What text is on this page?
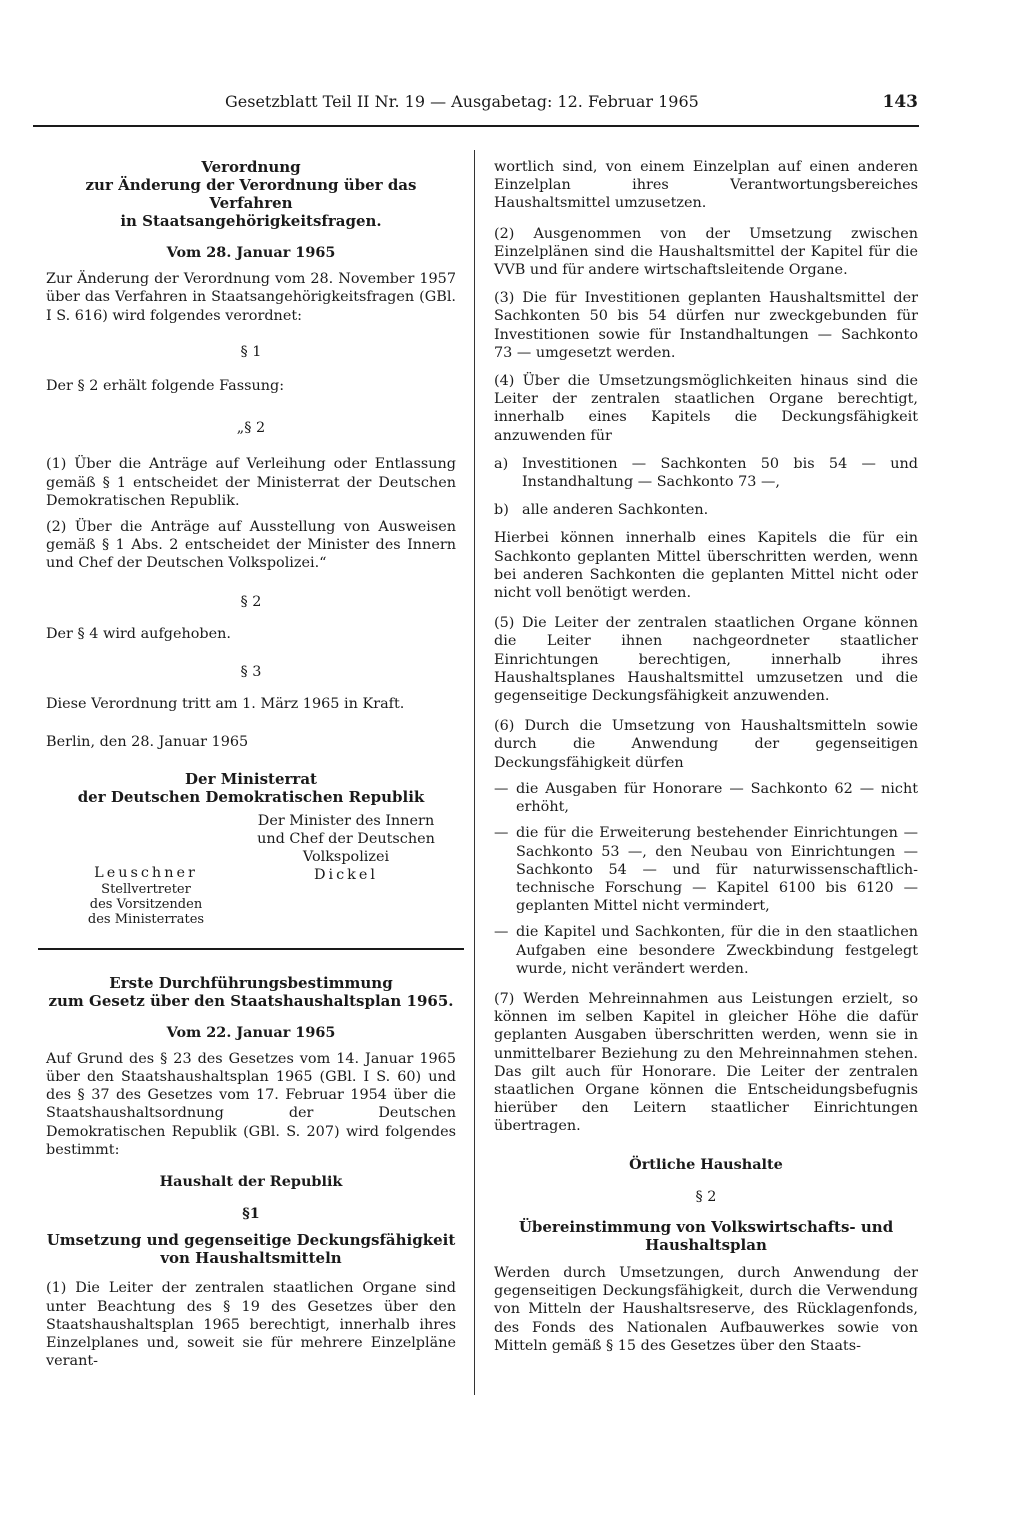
Gesetzblatt Teil II Nr. 19 — Ausgabetag: 12. Februar 1965	143
Verordnung
zur Änderung der Verordnung über das Verfahren
in Staatsangehörigkeitsfragen.

Vom 28. Januar 1965

Zur Änderung der Verordnung vom 28. November 1957 über das Verfahren in Staatsangehörigkeitsfragen (GBl. I S. 616) wird folgendes verordnet:

§ 1

Der § 2 erhält folgende Fassung:

„§ 2

(1) Über die Anträge auf Verleihung oder Entlassung gemäß § 1 entscheidet der Ministerrat der Deutschen Demokratischen Republik.

(2) Über die Anträge auf Ausstellung von Ausweisen gemäß § 1 Abs. 2 entscheidet der Minister des Innern und Chef der Deutschen Volkspolizei.“

§ 2

Der § 4 wird aufgehoben.

§ 3

Diese Verordnung tritt am 1. März 1965 in Kraft.

Berlin, den 28. Januar 1965

Der Ministerrat
der Deutschen Demokratischen Republik
Leuschner
Stellvertreter
des Vorsitzenden
des Ministerrates
Der Minister des Innern
und Chef der Deutschen
Volkspolizei
Dickel
Erste Durchführungsbestimmung
zum Gesetz über den Staatshaushaltsplan 1965.

Vom 22. Januar 1965

Auf Grund des § 23 des Gesetzes vom 14. Januar 1965 über den Staatshaushaltsplan 1965 (GBl. I S. 60) und des § 37 des Gesetzes vom 17. Februar 1954 über die Staatshaushaltsordnung der Deutschen Demokratischen Republik (GBl. S. 207) wird folgendes bestimmt:

Haushalt der Republik

§1

Umsetzung und gegenseitige Deckungsfähigkeit
von Haushaltsmitteln

(1) Die Leiter der zentralen staatlichen Organe sind unter Beachtung des § 19 des Gesetzes über den Staatshaushaltsplan 1965 berechtigt, innerhalb ihres Einzelplanes und, soweit sie für mehrere Einzelpläne verant-

wortlich sind, von einem Einzelplan auf einen anderen Einzelplan ihres Verantwortungsbereiches Haushaltsmittel umzusetzen.

(2) Ausgenommen von der Umsetzung zwischen Einzelplänen sind die Haushaltsmittel der Kapitel für die VVB und für andere wirtschaftsleitende Organe.

(3) Die für Investitionen geplanten Haushaltsmittel der Sachkonten 50 bis 54 dürfen nur zweckgebunden für Investitionen sowie für Instandhaltungen — Sachkonto 73 — umgesetzt werden.

(4) Über die Umsetzungsmöglichkeiten hinaus sind die Leiter der zentralen staatlichen Organe berechtigt, innerhalb eines Kapitels die Deckungsfähigkeit anzuwenden für

a) Investitionen — Sachkonten 50 bis 54 — und Instandhaltung — Sachkonto 73 —,
b) alle anderen Sachkonten.

Hierbei können innerhalb eines Kapitels die für ein Sachkonto geplanten Mittel überschritten werden, wenn bei anderen Sachkonten die geplanten Mittel nicht oder nicht voll benötigt werden.

(5) Die Leiter der zentralen staatlichen Organe können die Leiter ihnen nachgeordneter staatlicher Einrichtungen berechtigen, innerhalb ihres Haushaltsplanes Haushaltsmittel umzusetzen und die gegenseitige Deckungsfähigkeit anzuwenden.

(6) Durch die Umsetzung von Haushaltsmitteln sowie durch die Anwendung der gegenseitigen Deckungsfähigkeit dürfen

— die Ausgaben für Honorare — Sachkonto 62 — nicht erhöht,
— die für die Erweiterung bestehender Einrichtungen — Sachkonto 53 —, den Neubau von Einrichtungen — Sachkonto 54 — und für naturwissenschaftlich-technische Forschung — Kapitel 6100 bis 6120 — geplanten Mittel nicht vermindert,
— die Kapitel und Sachkonten, für die in den staatlichen Aufgaben eine besondere Zweckbindung festgelegt wurde, nicht verändert werden.

(7) Werden Mehreinnahmen aus Leistungen erzielt, so können im selben Kapitel in gleicher Höhe die dafür geplanten Ausgaben überschritten werden, wenn sie in unmittelbarer Beziehung zu den Mehreinnahmen stehen. Das gilt auch für Honorare. Die Leiter der zentralen staatlichen Organe können die Entscheidungsbefugnis hierüber den Leitern staatlicher Einrichtungen übertragen.

Örtliche Haushalte

§ 2

Übereinstimmung von Volkswirtschafts- und
Haushaltsplan

Werden durch Umsetzungen, durch Anwendung der gegenseitigen Deckungsfähigkeit, durch die Verwendung von Mitteln der Haushaltsreserve, des Rücklagenfonds, des Fonds des Nationalen Aufbauwerkes sowie von Mitteln gemäß § 15 des Gesetzes über den Staats-
